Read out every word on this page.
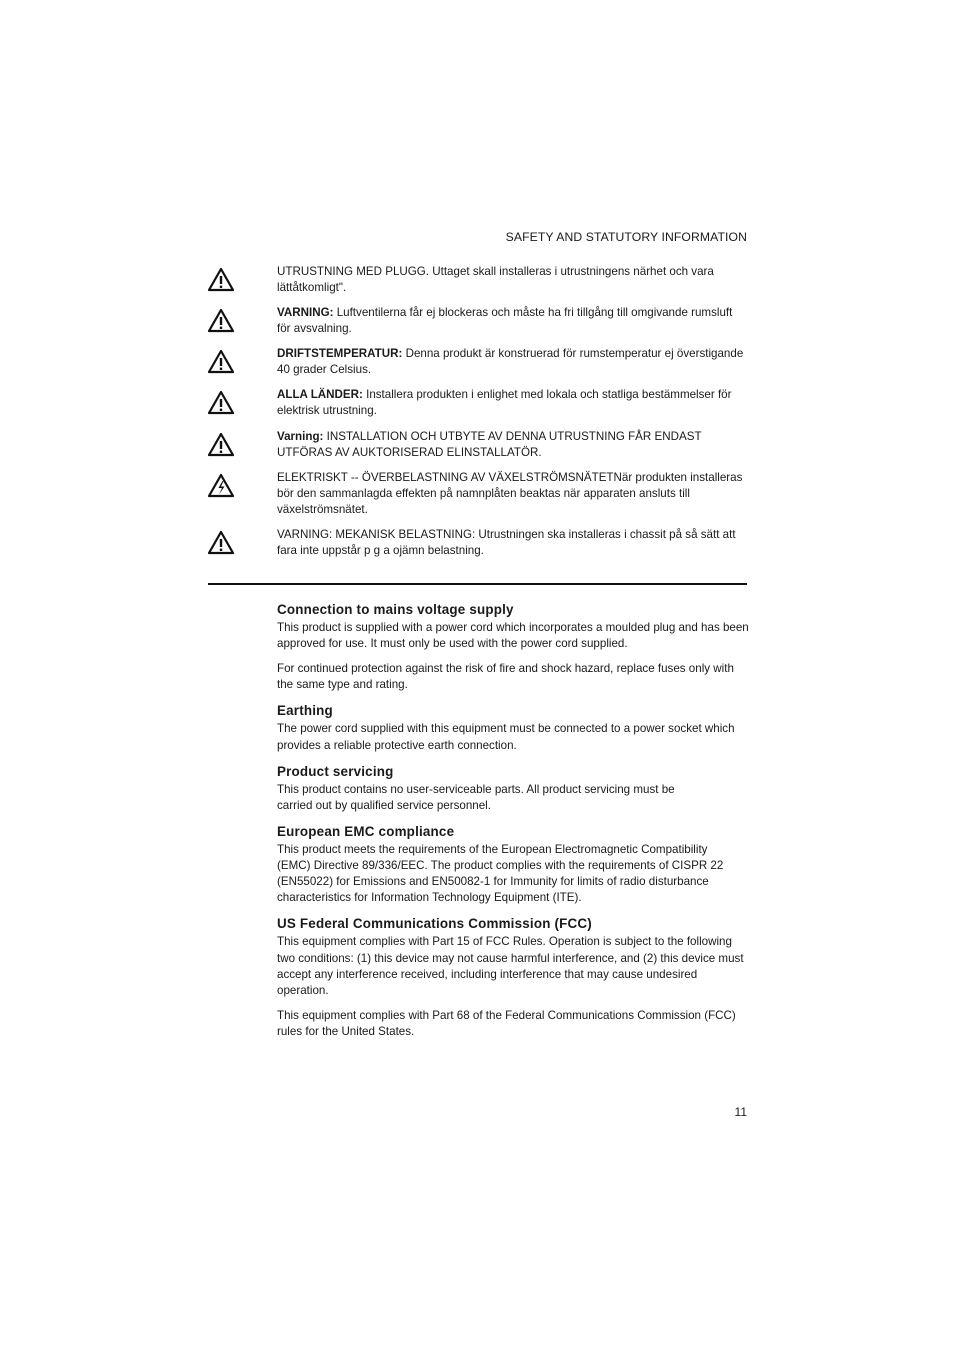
SAFETY AND STATUTORY INFORMATION
UTRUSTNING MED PLUGG. Uttaget skall installeras i utrustningens närhet och vara lättåtkomligt".
VARNING: Luftventilerna får ej blockeras och måste ha fri tillgång till omgivande rumsluft för avsvalning.
DRIFTSTEMPERATUR: Denna produkt är konstruerad för rumstemperatur ej överstigande 40 grader Celsius.
ALLA LÄNDER: Installera produkten i enlighet med lokala och statliga bestämmelser för elektrisk utrustning.
Varning: INSTALLATION OCH UTBYTE AV DENNA UTRUSTNING FÅR ENDAST UTFÖRAS AV AUKTORISERAD ELINSTALLATÖR.
ELEKTRISKT -- ÖVERBELASTNING AV VÄXELSTRÖMSNÄTETNär produkten installeras bör den sammanlagda effekten på namnplåten beaktas när apparaten ansluts till växelströmsnätet.
VARNING: MEKANISK BELASTNING: Utrustningen ska installeras i chassit på så sätt att fara inte uppstår p g a ojämn belastning.
Connection to mains voltage supply

This product is supplied with a power cord which incorporates a moulded plug and has been approved for use. It must only be used with the power cord supplied.

For continued protection against the risk of fire and shock hazard, replace fuses only with the same type and rating.

Earthing

The power cord supplied with this equipment must be connected to a power socket which provides a reliable protective earth connection.

Product servicing

This product contains no user-serviceable parts. All product servicing must be carried out by qualified service personnel.

European EMC compliance

This product meets the requirements of the European Electromagnetic Compatibility (EMC) Directive 89/336/EEC. The product complies with the requirements of CISPR 22 (EN55022) for Emissions and EN50082-1 for Immunity for limits of radio disturbance characteristics for Information Technology Equipment (ITE).

US Federal Communications Commission (FCC)

This equipment complies with Part 15 of FCC Rules. Operation is subject to the following two conditions: (1) this device may not cause harmful interference, and (2) this device must accept any interference received, including interference that may cause undesired operation.

This equipment complies with Part 68 of the Federal Communications Commission (FCC) rules for the United States.

11
